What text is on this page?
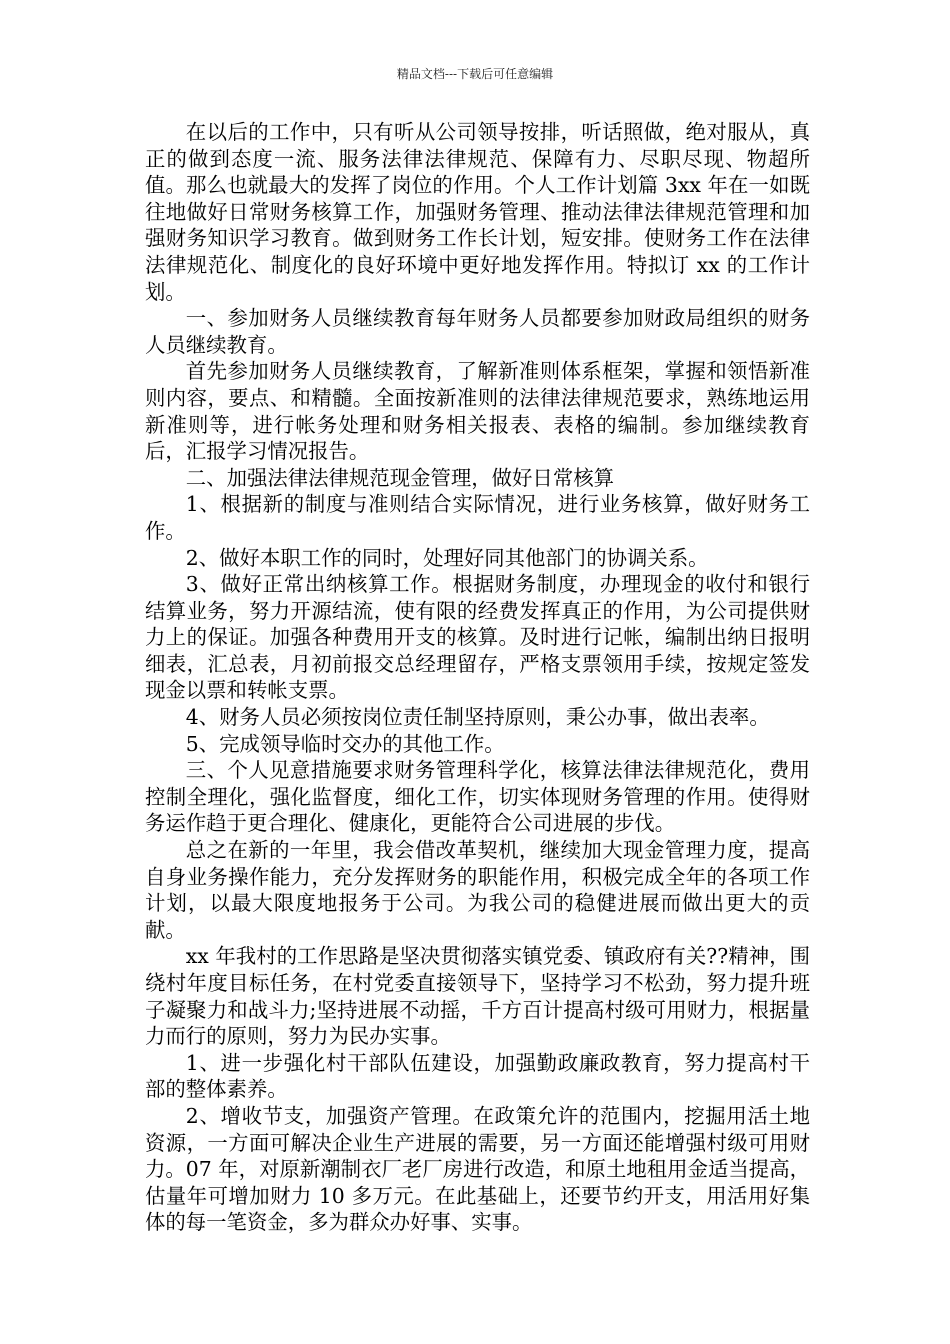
精品文档---下载后可任意编辑

在以后的工作中，只有听从公司领导按排，听话照做，绝对服从，真正的做到态度一流、服务法律法律规范、保障有力、尽职尽现、物超所值。那么也就最大的发挥了岗位的作用。个人工作计划篇 3xx 年在一如既往地做好日常财务核算工作，加强财务管理、推动法律法律规范管理和加强财务知识学习教育。做到财务工作长计划，短安排。使财务工作在法律法律规范化、制度化的良好环境中更好地发挥作用。特拟订 xx 的工作计划。

一、参加财务人员继续教育每年财务人员都要参加财政局组织的财务人员继续教育。

首先参加财务人员继续教育，了解新准则体系框架，掌握和领悟新准则内容，要点、和精髓。全面按新准则的法律法律规范要求，熟练地运用新准则等，进行帐务处理和财务相关报表、表格的编制。参加继续教育后，汇报学习情况报告。

二、加强法律法律规范现金管理，做好日常核算

1、根据新的制度与准则结合实际情况，进行业务核算，做好财务工作。

2、做好本职工作的同时，处理好同其他部门的协调关系。

3、做好正常出纳核算工作。根据财务制度，办理现金的收付和银行结算业务，努力开源结流，使有限的经费发挥真正的作用，为公司提供财力上的保证。加强各种费用开支的核算。及时进行记帐，编制出纳日报明细表，汇总表，月初前报交总经理留存，严格支票领用手续，按规定签发现金以票和转帐支票。

4、财务人员必须按岗位责任制坚持原则，秉公办事，做出表率。

5、完成领导临时交办的其他工作。

三、个人见意措施要求财务管理科学化，核算法律法律规范化，费用控制全理化，强化监督度，细化工作，切实体现财务管理的作用。使得财务运作趋于更合理化、健康化，更能符合公司进展的步伐。

总之在新的一年里，我会借改革契机，继续加大现金管理力度，提高自身业务操作能力，充分发挥财务的职能作用，积极完成全年的各项工作计划，以最大限度地报务于公司。为我公司的稳健进展而做出更大的贡献。

xx 年我村的工作思路是坚决贯彻落实镇党委、镇政府有关??精神，围绕村年度目标任务，在村党委直接领导下，坚持学习不松劲，努力提升班子凝聚力和战斗力;坚持进展不动摇，千方百计提高村级可用财力，根据量力而行的原则，努力为民办实事。

1、进一步强化村干部队伍建设，加强勤政廉政教育，努力提高村干部的整体素养。

2、增收节支，加强资产管理。在政策允许的范围内，挖掘用活土地资源，一方面可解决企业生产进展的需要，另一方面还能增强村级可用财力。07 年，对原新潮制衣厂老厂房进行改造，和原土地租用金适当提高，估量年可增加财力 10 多万元。在此基础上，还要节约开支，用活用好集体的每一笔资金，多为群众办好事、实事。
